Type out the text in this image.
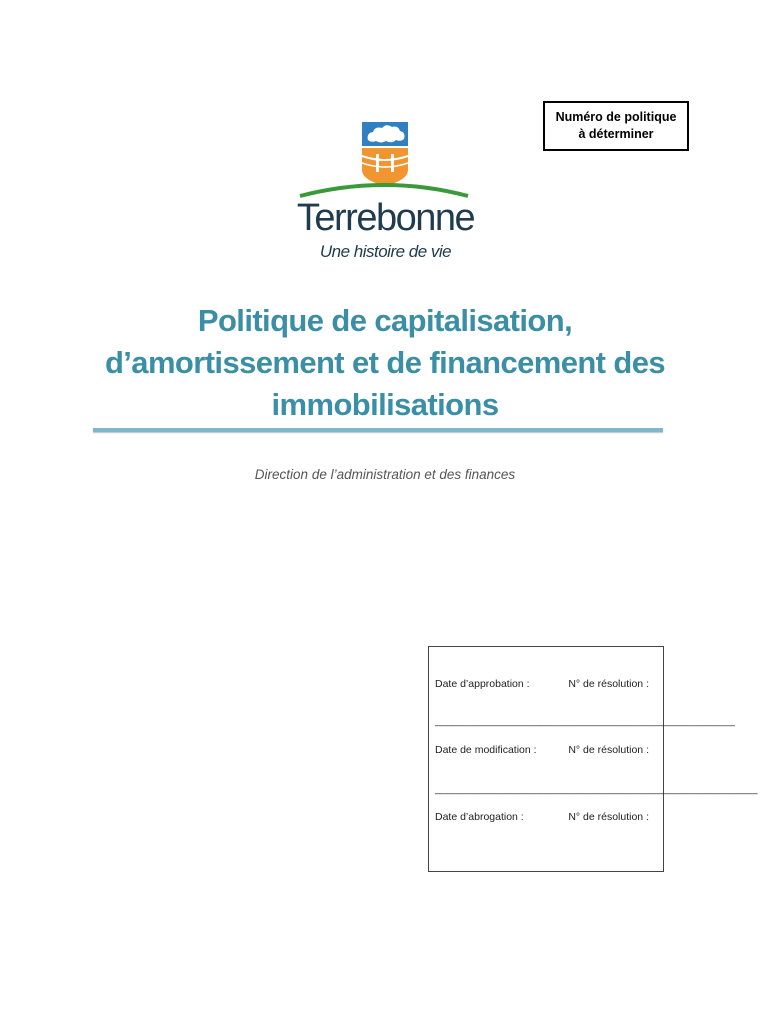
Numéro de politique
à déterminer
Terrebonne
Une histoire de vie
Politique de capitalisation,
d’amortissement et de financement des
immobilisations
Direction de l’administration et des finances
Date d’approbation :	N° de résolution :
______________________________________________________
Date de modification :	N° de résolution :
__________________________________________________________
Date d’abrogation :	N° de résolution :
